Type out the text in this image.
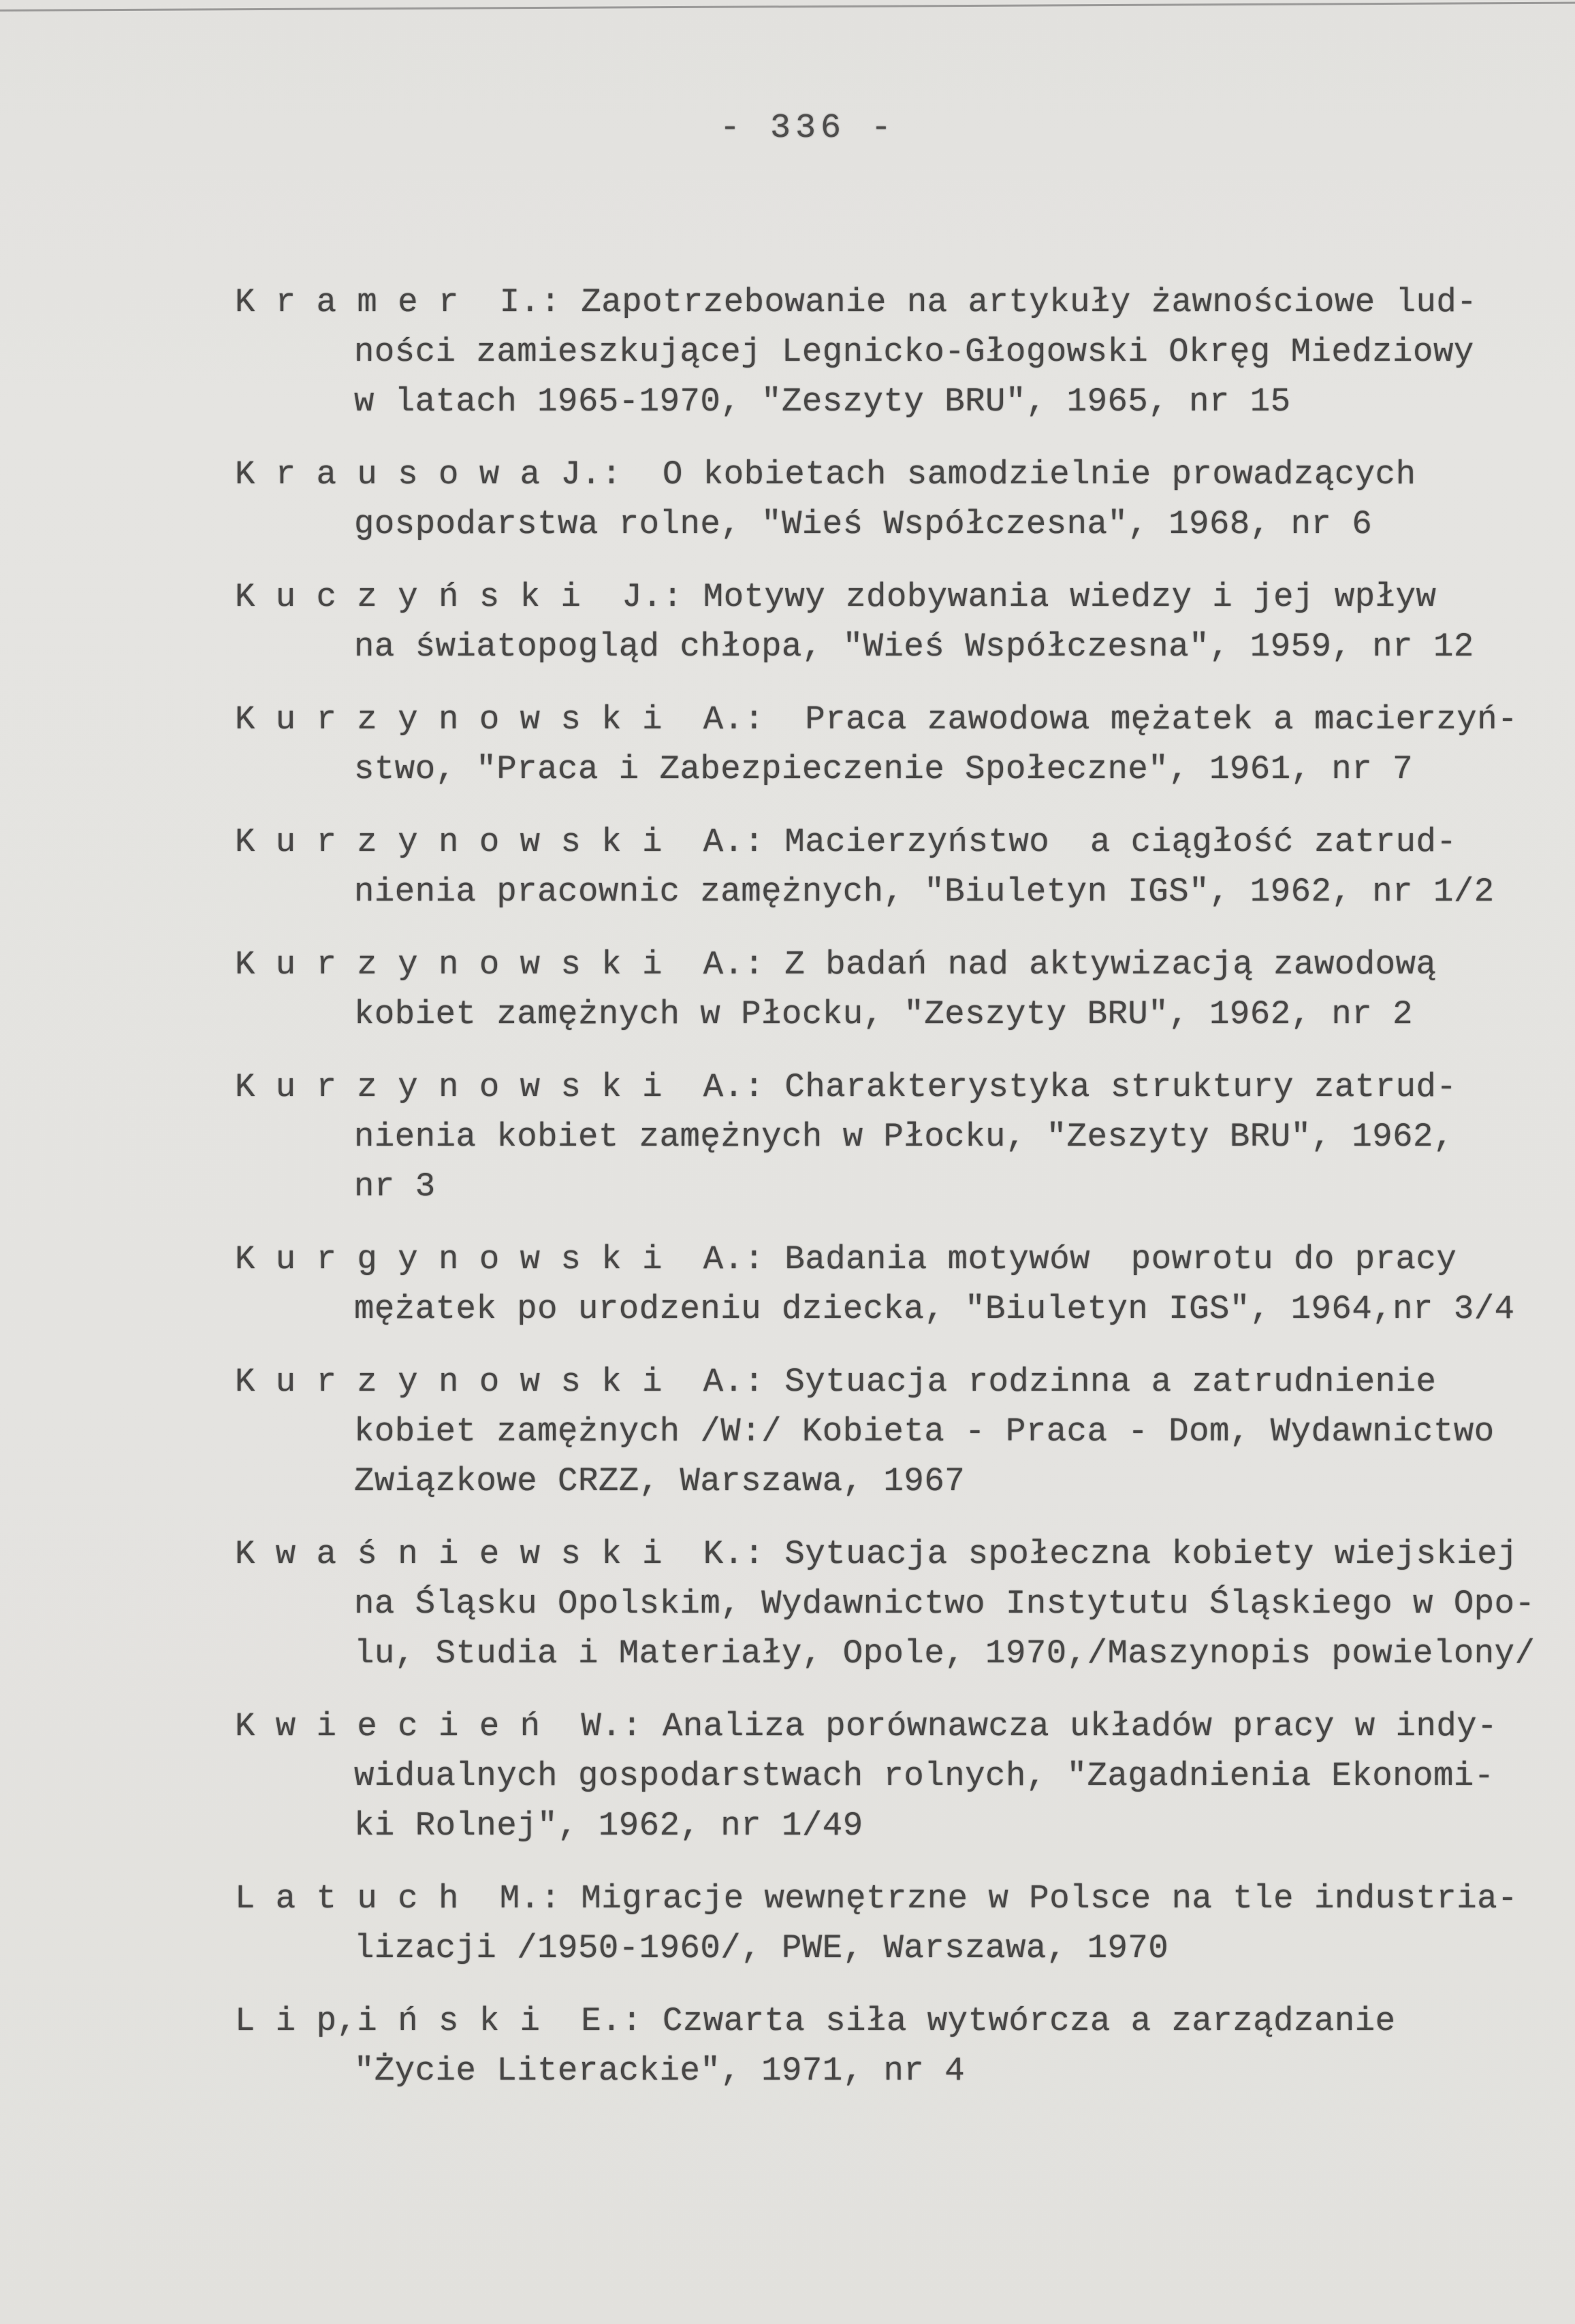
- 336 -
K r a m e r  I.: Zapotrzebowanie na artykuły żawnościowe lud-
ności zamieszkującej Legnicko-Głogowski Okręg Miedziowy
w latach 1965-1970, "Zeszyty BRU", 1965, nr 15
K r a u s o w a J.:  O kobietach samodzielnie prowadzących
gospodarstwa rolne, "Wieś Współczesna", 1968, nr 6
K u c z y ń s k i  J.: Motywy zdobywania wiedzy i jej wpływ
na światopogląd chłopa, "Wieś Współczesna", 1959, nr 12
K u r z y n o w s k i  A.:  Praca zawodowa mężatek a macierzyń-
stwo, "Praca i Zabezpieczenie Społeczne", 1961, nr 7
K u r z y n o w s k i  A.: Macierzyństwo  a ciągłość zatrud-
nienia pracownic zamężnych, "Biuletyn IGS", 1962, nr 1/2
K u r z y n o w s k i  A.: Z badań nad aktywizacją zawodową
kobiet zamężnych w Płocku, "Zeszyty BRU", 1962, nr 2
K u r z y n o w s k i  A.: Charakterystyka struktury zatrud-
nienia kobiet zamężnych w Płocku, "Zeszyty BRU", 1962,
nr 3
K u r g y n o w s k i  A.: Badania motywów  powrotu do pracy
mężatek po urodzeniu dziecka, "Biuletyn IGS", 1964,nr 3/4
K u r z y n o w s k i  A.: Sytuacja rodzinna a zatrudnienie
kobiet zamężnych /W:/ Kobieta - Praca - Dom, Wydawnictwo
Związkowe CRZZ, Warszawa, 1967
K w a ś n i e w s k i  K.: Sytuacja społeczna kobiety wiejskiej
na Śląsku Opolskim, Wydawnictwo Instytutu Śląskiego w Opo-
lu, Studia i Materiały, Opole, 1970,/Maszynopis powielony/
K w i e c i e ń  W.: Analiza porównawcza układów pracy w indy-
widualnych gospodarstwach rolnych, "Zagadnienia Ekonomi-
ki Rolnej", 1962, nr 1/49
L a t u c h  M.: Migracje wewnętrzne w Polsce na tle industria-
lizacji /1950-1960/, PWE, Warszawa, 1970
L i p,i ń s k i  E.: Czwarta siła wytwórcza a zarządzanie
"Życie Literackie", 1971, nr 4
